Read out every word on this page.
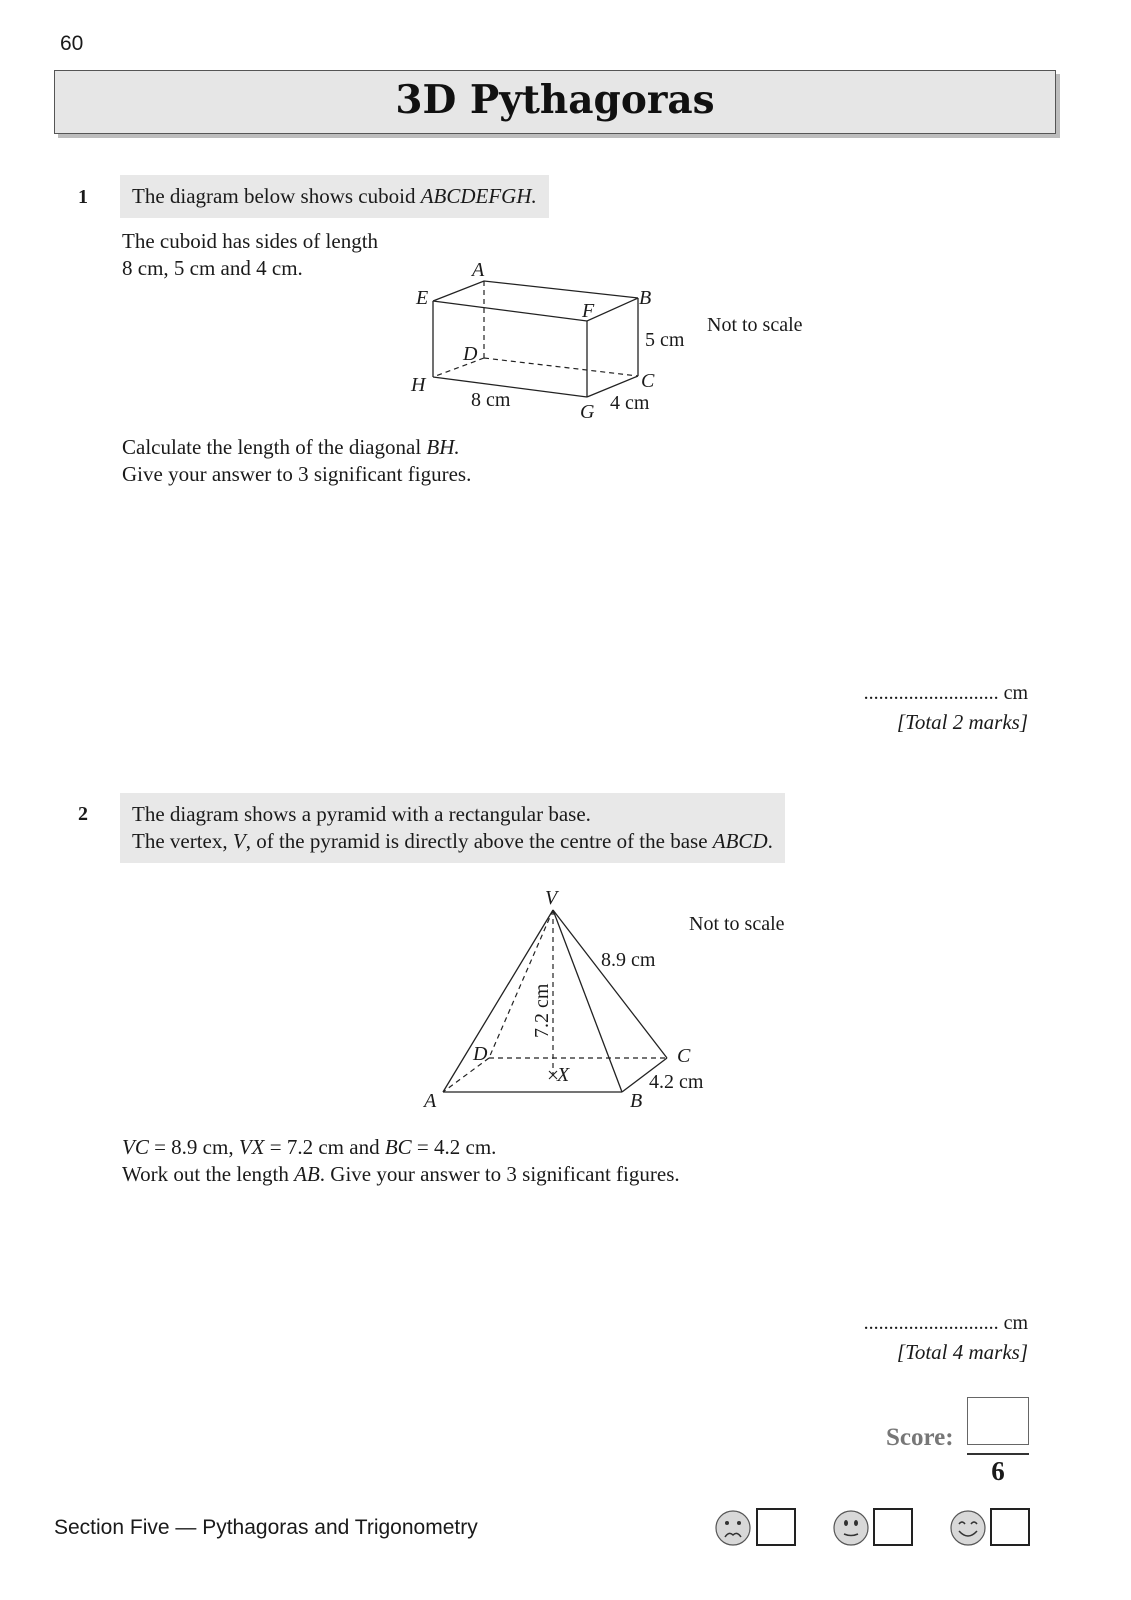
60
3D Pythagoras
1	The diagram below shows cuboid ABCDEFGH.
The cuboid has sides of length
8 cm, 5 cm and 4 cm.	A
E
F
B
D
H	C
G
5 cm
8 cm	4 cm
Not to scale
Calculate the length of the diagonal BH.
Give your answer to 3 significant figures.
........................... cm
[Total 2 marks]
2 The diagram shows a pyramid with a rectangular base.
The vertex, V, of the pyramid is directly above the centre of the base ABCD.
V
D	C
A	B
X
8.9 cm
4.2 cm
Not to scale
7.2 cm
VC = 8.9 cm, VX = 7.2 cm and BC = 4.2 cm.
Work out the length AB. Give your answer to 3 significant figures.
........................... cm
[Total 4 marks]
Score:
6
Section Five — Pythagoras and Trigonometry
